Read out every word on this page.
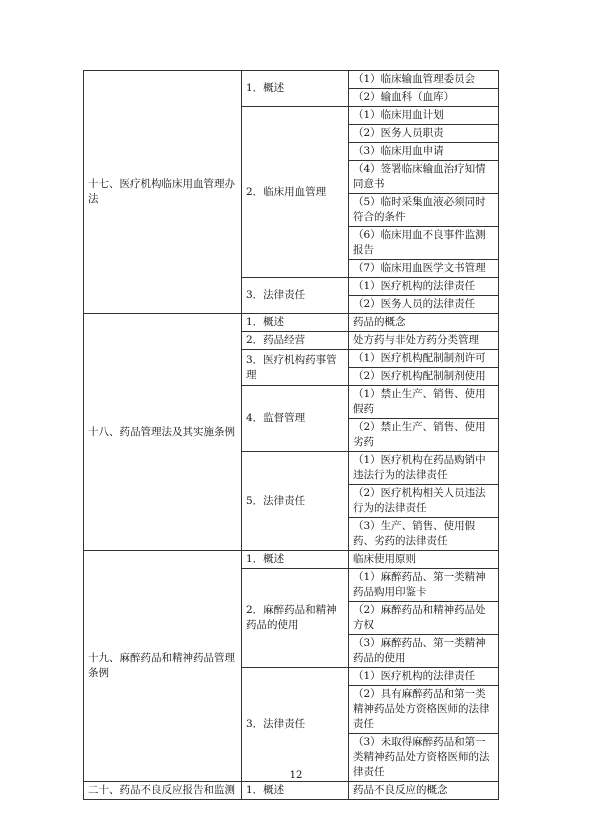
十七、医疗机构临床用血管理办法	1．概述	（1）临床输血管理委员会
		（2）输血科（血库）
	2．临床用血管理	（1）临床用血计划
		（2）医务人员职责
		（3）临床用血申请
		（4）签署临床输血治疗知情同意书
		（5）临时采集血液必须同时符合的条件
		（6）临床用血不良事件监测报告
		（7）临床用血医学文书管理
	3．法律责任	（1）医疗机构的法律责任
		（2）医务人员的法律责任
十八、药品管理法及其实施条例	1．概述	药品的概念
	2．药品经营	处方药与非处方药分类管理
	3．医疗机构药事管理	（1）医疗机构配制制剂许可
		（2）医疗机构配制制剂使用
	4．监督管理	（1）禁止生产、销售、使用假药
		（2）禁止生产、销售、使用劣药
	5．法律责任	（1）医疗机构在药品购销中违法行为的法律责任
		（2）医疗机构相关人员违法行为的法律责任
		（3）生产、销售、使用假药、劣药的法律责任
十九、麻醉药品和精神药品管理条例	1．概述	临床使用原则
	2．麻醉药品和精神药品的使用	（1）麻醉药品、第一类精神药品购用印鉴卡
		（2）麻醉药品和精神药品处方权
		（3）麻醉药品、第一类精神药品的使用
	3．法律责任	（1）医疗机构的法律责任
		（2）具有麻醉药品和第一类精神药品处方资格医师的法律责任
		（3）未取得麻醉药品和第一类精神药品处方资格医师的法律责任
二十、药品不良反应报告和监测	1．概述	药品不良反应的概念
12
